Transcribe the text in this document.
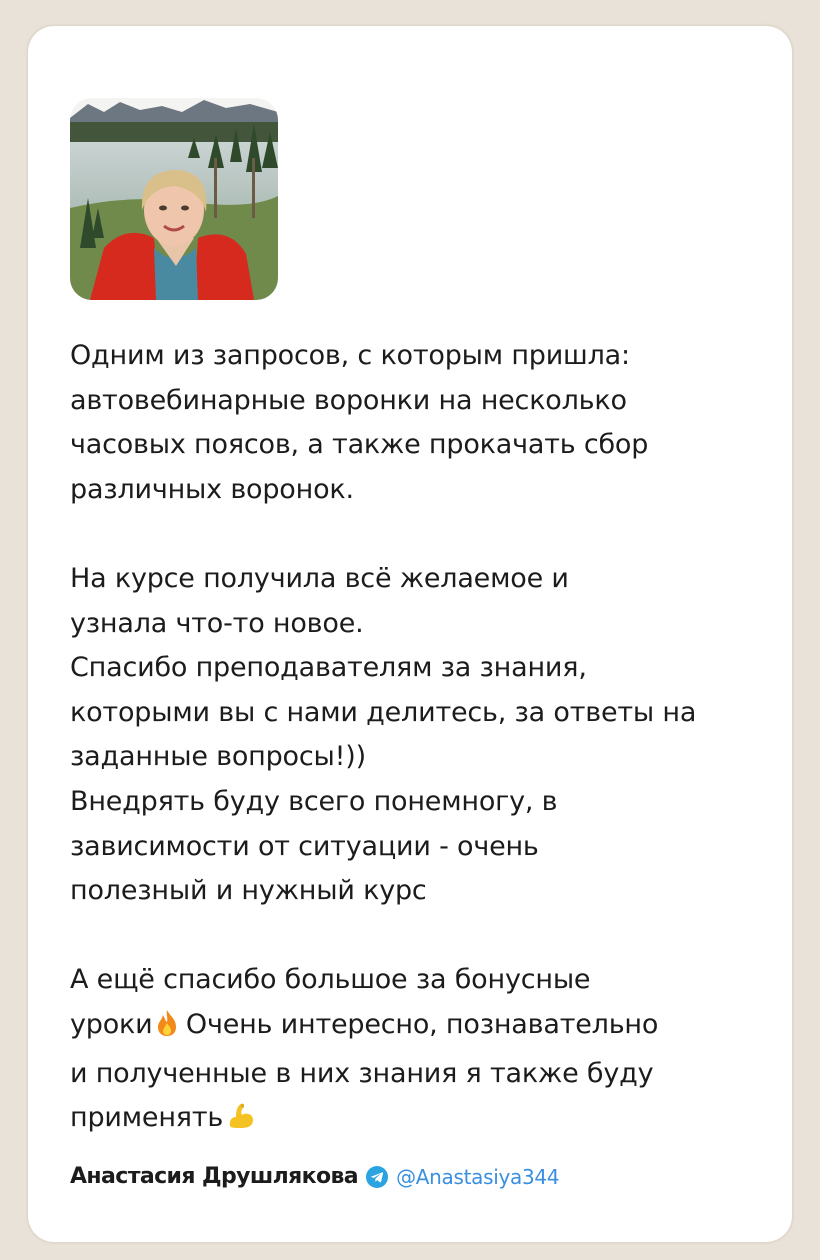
Одним из запросов, с которым пришла:
автовебинарные воронки на несколько
часовых поясов, а также прокачать сбор
различных воронок.
На курсе получила всё желаемое и
узнала что-то новое.
Спасибо преподавателям за знания,
которыми вы с нами делитесь, за ответы на
заданные вопросы!))
Внедрять буду всего понемногу, в
зависимости от ситуации - очень
полезный и нужный курс
А ещё спасибо большое за бонусные
уроки Очень интересно, познавательно
и полученные в них знания я также буду
применять
Анастасия Друшлякова @Anastasiya344
